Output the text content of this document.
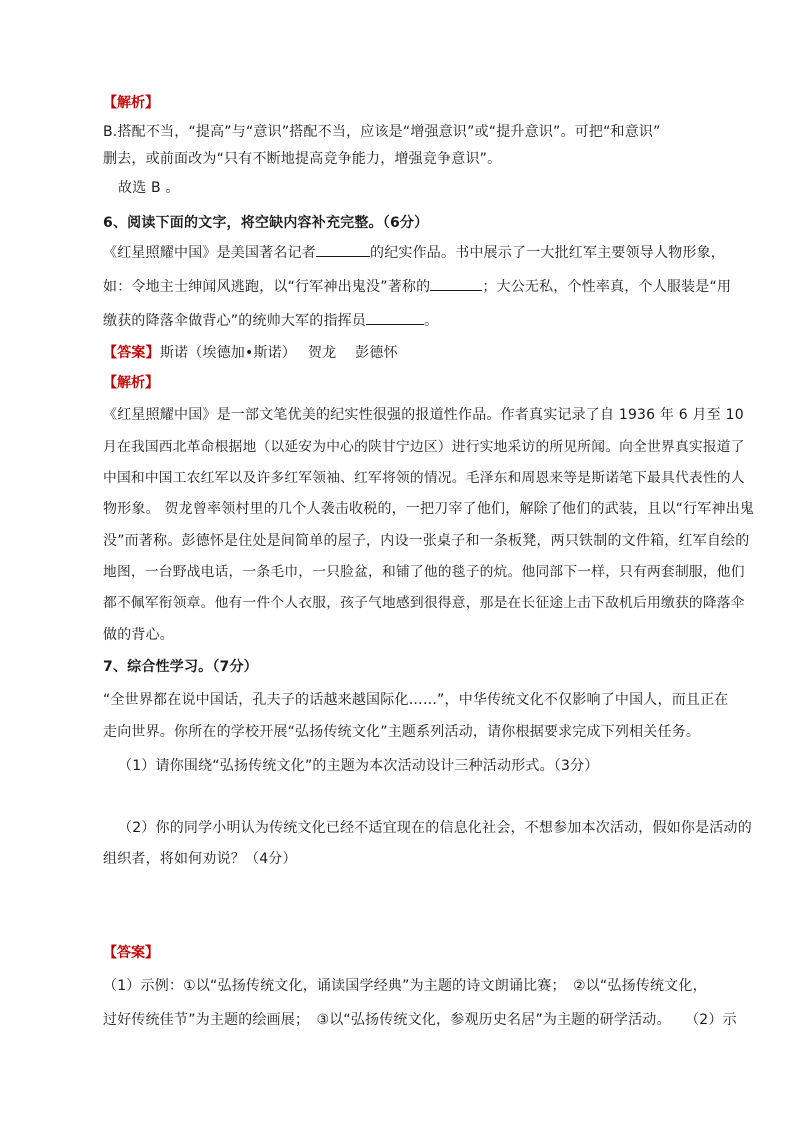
【解析】
B.搭配不当，“提高”与“意识”搭配不当，应该是“增强意识”或“提升意识”。可把“和意识”
删去，或前面改为“只有不断地提高竞争能力，增强竞争意识”。
故选 B 。
6、阅读下面的文字，将空缺内容补充完整。（6分）
《红星照耀中国》是美国著名记者	的纪实作品。书中展示了一大批红军主要领导人物形象，
如：令地主士绅闻风逃跑，以“行军神出鬼没”著称的	；大公无私，个性率真，个人服装是“用
缴获的降落伞做背心”的统帅大军的指挥员	。
【答案】斯诺（埃德加•斯诺）　 贺龙　 彭德怀
【解析】
《红星照耀中国》是一部文笔优美的纪实性很强的报道性作品。作者真实记录了自 1936 年 6 月至 10
月在我国西北革命根据地（以延安为中心的陕甘宁边区）进行实地采访的所见所闻。向全世界真实报道了
中国和中国工农红军以及许多红军领袖、红军将领的情况。毛泽东和周恩来等是斯诺笔下最具代表性的人
物形象。 贺龙曾率领村里的几个人袭击收税的，一把刀宰了他们，解除了他们的武装，且以“行军神出鬼
没”而著称。彭德怀是住处是间简单的屋子，内设一张桌子和一条板凳，两只铁制的文件箱，红军自绘的
地图，一台野战电话，一条毛巾，一只脸盆，和铺了他的毯子的炕。他同部下一样，只有两套制服，他们
都不佩军衔领章。他有一件个人衣服，孩子气地感到很得意，那是在长征途上击下敌机后用缴获的降落伞
做的背心。
7、综合性学习。（7分）
“全世界都在说中国话，孔夫子的话越来越国际化……”，中华传统文化不仅影响了中国人，而且正在
走向世界。你所在的学校开展“弘扬传统文化”主题系列活动，请你根据要求完成下列相关任务。
（1）请你围绕“弘扬传统文化”的主题为本次活动设计三种活动形式。（3分）
（2）你的同学小明认为传统文化已经不适宜现在的信息化社会，不想参加本次活动，假如你是活动的
组织者，将如何劝说？（4分）
【答案】
（1）示例：①以“弘扬传统文化，诵读国学经典”为主题的诗文朗诵比赛；　②以“弘扬传统文化，
过好传统佳节”为主题的绘画展；　③以“弘扬传统文化，参观历史名居”为主题的研学活动。　　（2）示
